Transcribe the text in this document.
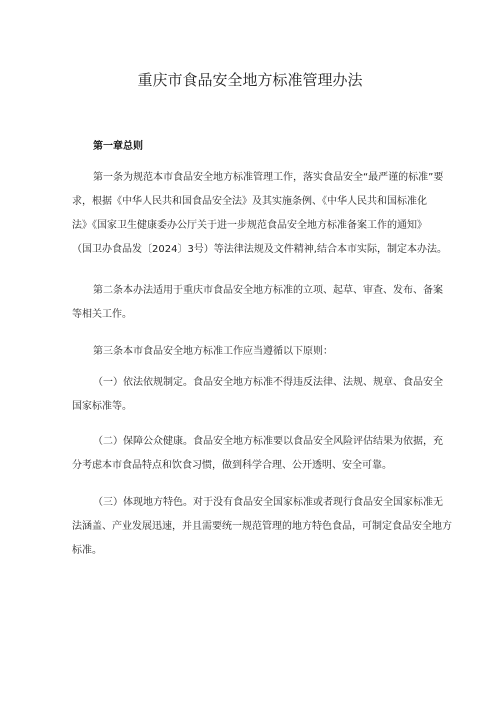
重庆市食品安全地方标准管理办法
第一章总则

第一条为规范本市食品安全地方标准管理工作，落实食品安全“最严谨的标准”要
求，根据《中华人民共和国食品安全法》及其实施条例、《中华人民共和国标准化
法》《国家卫生健康委办公厅关于进一步规范食品安全地方标准备案工作的通知》
（国卫办食品发〔2024〕3号）等法律法规及文件精神,结合本市实际，制定本办法。

第二条本办法适用于重庆市食品安全地方标准的立项、起草、审查、发布、备案
等相关工作。

第三条本市食品安全地方标准工作应当遵循以下原则：

（一）依法依规制定。食品安全地方标准不得违反法律、法规、规章、食品安全
国家标准等。

（二）保障公众健康。食品安全地方标准要以食品安全风险评估结果为依据，充
分考虑本市食品特点和饮食习惯，做到科学合理、公开透明、安全可靠。

（三）体现地方特色。对于没有食品安全国家标准或者现行食品安全国家标准无
法涵盖、产业发展迅速，并且需要统一规范管理的地方特色食品，可制定食品安全地方
标准。
